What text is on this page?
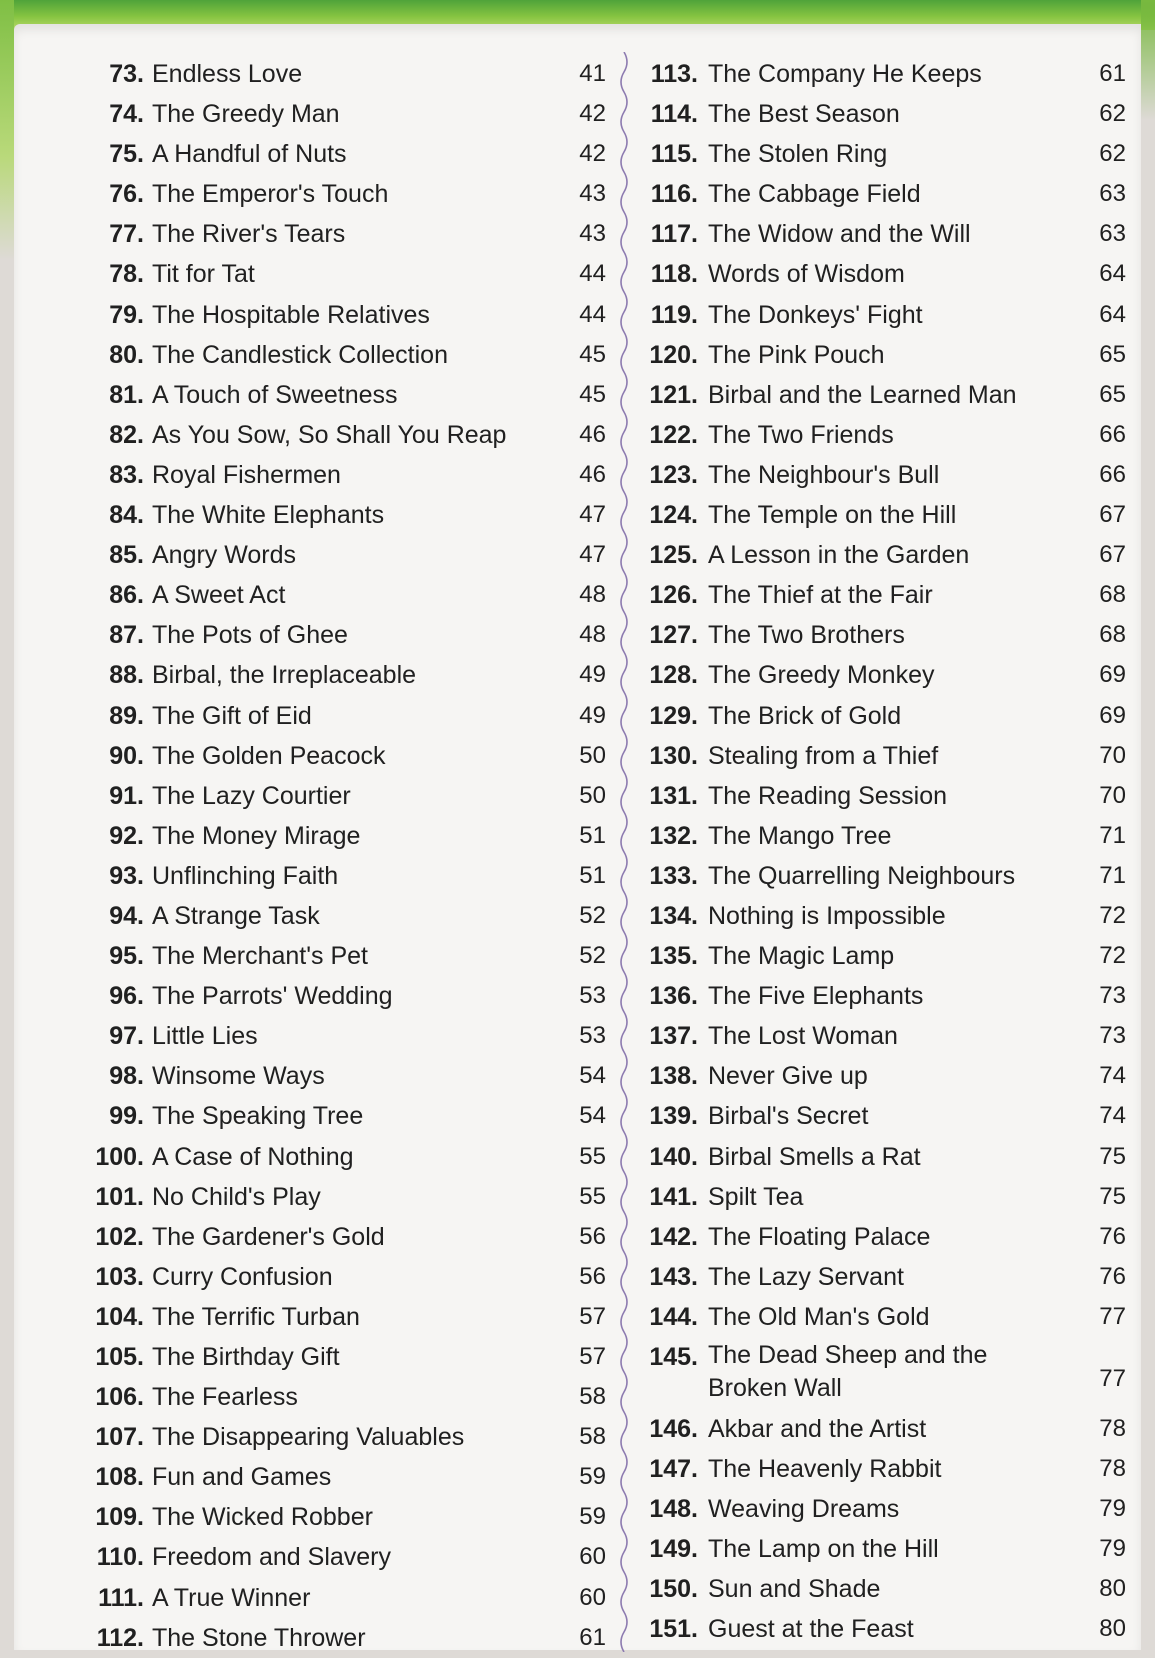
73. Endless Love	41
74. The Greedy Man	42
75. A Handful of Nuts	42
76. The Emperor's Touch	43
77. The River's Tears	43
78. Tit for Tat	44
79. The Hospitable Relatives	44
80. The Candlestick Collection	45
81. A Touch of Sweetness	45
82. As You Sow, So Shall You Reap	46
83. Royal Fishermen	46
84. The White Elephants	47
85. Angry Words	47
86. A Sweet Act	48
87. The Pots of Ghee	48
88. Birbal, the Irreplaceable	49
89. The Gift of Eid	49
90. The Golden Peacock	50
91. The Lazy Courtier	50
92. The Money Mirage	51
93. Unflinching Faith	51
94. A Strange Task	52
95. The Merchant's Pet	52
96. The Parrots' Wedding	53
97. Little Lies	53
98. Winsome Ways	54
99. The Speaking Tree	54
100. A Case of Nothing	55
101. No Child's Play	55
102. The Gardener's Gold	56
103. Curry Confusion	56
104. The Terrific Turban	57
105. The Birthday Gift	57
106. The Fearless	58
107. The Disappearing Valuables	58
108. Fun and Games	59
109. The Wicked Robber	59
110. Freedom and Slavery	60
111. A True Winner	60
112. The Stone Thrower	61
113. The Company He Keeps	61
114. The Best Season	62
115. The Stolen Ring	62
116. The Cabbage Field	63
117. The Widow and the Will	63
118. Words of Wisdom	64
119. The Donkeys' Fight	64
120. The Pink Pouch	65
121. Birbal and the Learned Man	65
122. The Two Friends	66
123. The Neighbour's Bull	66
124. The Temple on the Hill	67
125. A Lesson in the Garden	67
126. The Thief at the Fair	68
127. The Two Brothers	68
128. The Greedy Monkey	69
129. The Brick of Gold	69
130. Stealing from a Thief	70
131. The Reading Session	70
132. The Mango Tree	71
133. The Quarrelling Neighbours	71
134. Nothing is Impossible	72
135. The Magic Lamp	72
136. The Five Elephants	73
137. The Lost Woman	73
138. Never Give up	74
139. Birbal's Secret	74
140. Birbal Smells a Rat	75
141. Spilt Tea	75
142. The Floating Palace	76
143. The Lazy Servant	76
144. The Old Man's Gold	77
145. The Dead Sheep and the Broken Wall	77
146. Akbar and the Artist	78
147. The Heavenly Rabbit	78
148. Weaving Dreams	79
149. The Lamp on the Hill	79
150. Sun and Shade	80
151. Guest at the Feast	80
